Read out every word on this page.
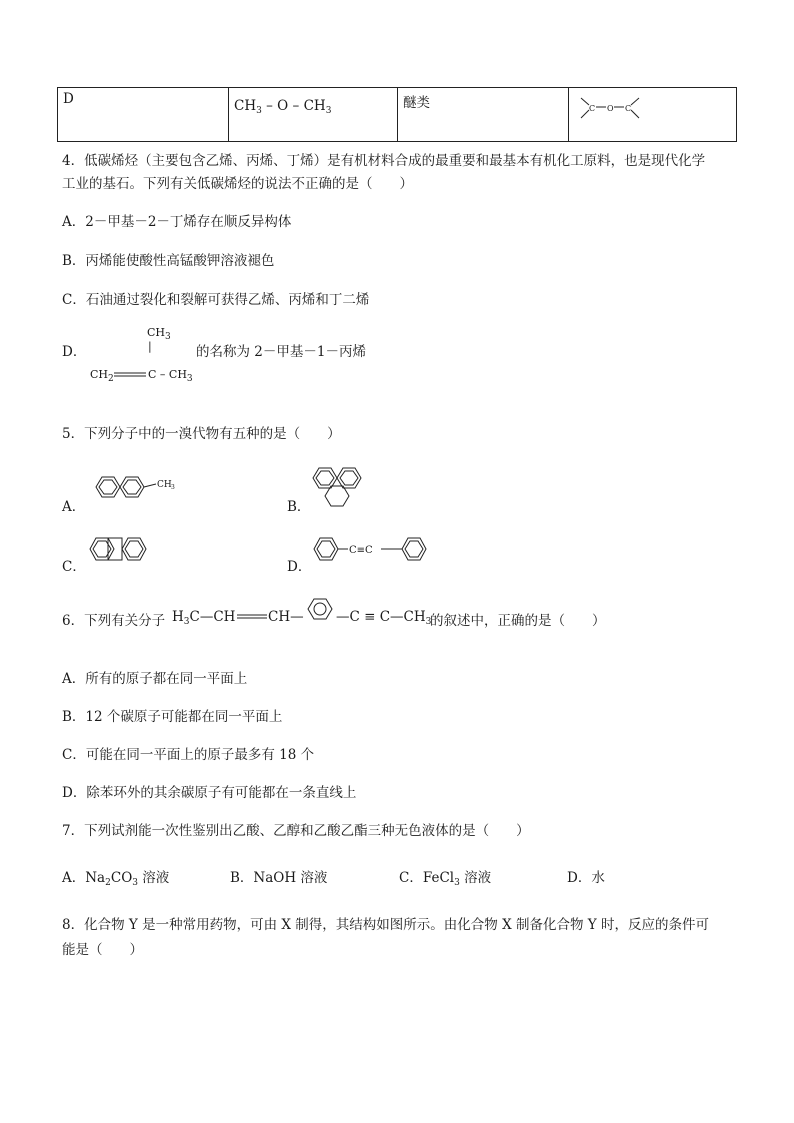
D	$CH_3$ – O – $CH_3$	醚类	C O C
4．低碳烯烃（主要包含乙烯、丙烯、丁烯）是有机材料合成的最重要和最基本有机化工原料，也是现代化学
工业的基石。下列有关低碳烯烃的说法不正确的是（　　）
A．2－甲基－2－丁烯存在顺反异构体
B．丙烯能使酸性高锰酸钾溶液褪色
C．石油通过裂化和裂解可获得乙烯、丙烯和丁二烯
D．
$CH_3$
|
$CH_2$	C – $CH_3$
的名称为 2－甲基－1－丙烯
5．下列分子中的一溴代物有五种的是（　　）
A．
CH 3
B．
C．	D．
C≡C
6．下列有关分子 $H_3C—CH$ CH— —C ≡ $C—CH_3$
的叙述中，正确的是（　　）
A．所有的原子都在同一平面上
B．12 个碳原子可能都在同一平面上
C．可能在同一平面上的原子最多有 18 个
D．除苯环外的其余碳原子有可能都在一条直线上
7．下列试剂能一次性鉴别出乙酸、乙醇和乙酸乙酯三种无色液体的是（　　）
A．$Na_2CO_3$ 溶液	B．NaOH 溶液	C．FeCl$_3$ 溶液	D．水
8．化合物 Y 是一种常用药物，可由 X 制得，其结构如图所示。由化合物 X 制备化合物 Y 时，反应的条件可
能是（　　）
